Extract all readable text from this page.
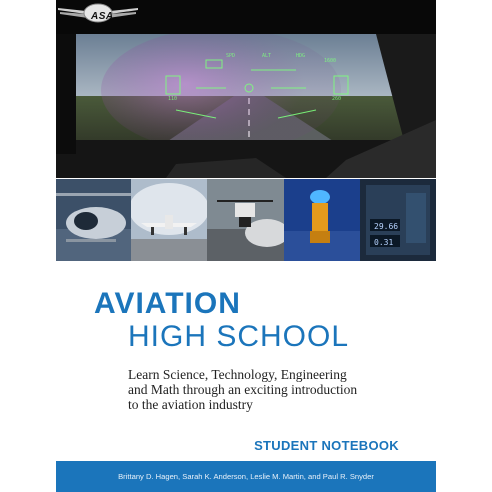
SPD	ALT	HDG
1600
110	260
ASA
29.66
0.31
AVIATION
HIGH SCHOOL
Learn Science, Technology, Engineering
and Math through an exciting introduction
to the aviation industry
STUDENT NOTEBOOK
Brittany D. Hagen, Sarah K. Anderson, Leslie M. Martin, and Paul R. Snyder
